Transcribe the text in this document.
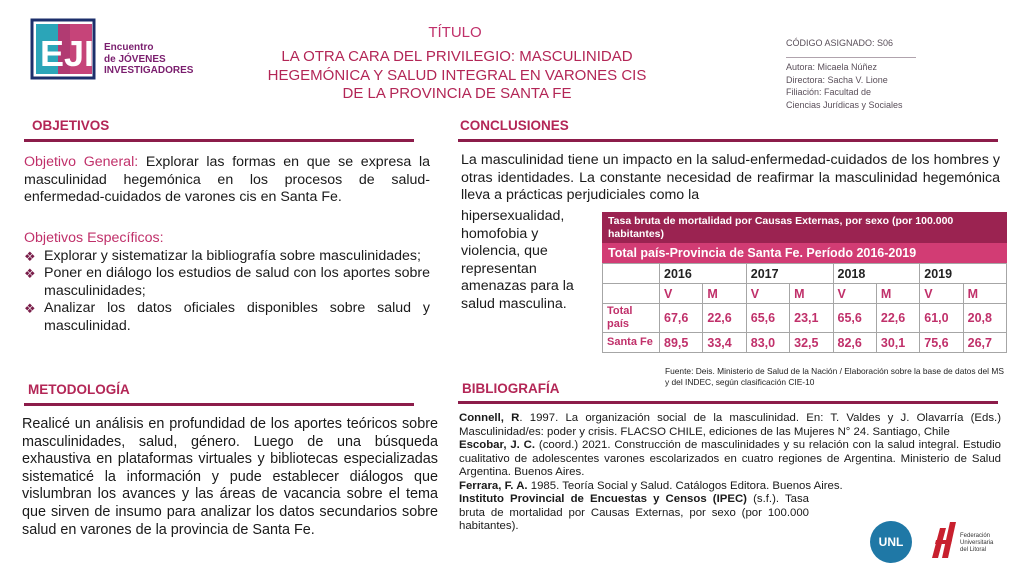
EJI Encuentro
de JÓVENES
INVESTIGADORES
TÍTULO
LA OTRA CARA DEL PRIVILEGIO: MASCULINIDAD
HEGEMÓNICA Y SALUD INTEGRAL EN VARONES CIS
DE LA PROVINCIA DE SANTA FE
CÓDIGO ASIGNADO: S06
Autora: Micaela Núñez
Directora: Sacha V. Lione
Filiación: Facultad de
Ciencias Jurídicas y Sociales
OBJETIVOS
Objetivo General: Explorar las formas en que se expresa la masculinidad hegemónica en los procesos de salud-enfermedad-cuidados de varones cis en Santa Fe.
Objetivos Específicos:
❖ Explorar y sistematizar la bibliografía sobre masculinidades;
❖ Poner en diálogo los estudios de salud con los aportes sobre masculinidades;
❖ Analizar los datos oficiales disponibles sobre salud y masculinidad.
METODOLOGÍA
Realicé un análisis en profundidad de los aportes teóricos sobre masculinidades, salud, género. Luego de una búsqueda exhaustiva en plataformas virtuales y bibliotecas especializadas sistematicé la información y pude establecer diálogos que vislumbran los avances y las áreas de vacancia sobre el tema que sirven de insumo para analizar los datos secundarios sobre salud en varones de la provincia de Santa Fe.
CONCLUSIONES
La masculinidad tiene un impacto en la salud-enfermedad-cuidados de los hombres y otras identidades. La constante necesidad de reafirmar la masculinidad hegemónica lleva a prácticas perjudiciales como la
hipersexualidad, homofobia y violencia, que representan amenazas para la salud masculina.
Tasa bruta de mortalidad por Causas Externas, por sexo (por 100.000 habitantes)
Total país-Provincia de Santa Fe. Período 2016-2019
	2016		2017		2018		2019	
	V	M	V	M	V	M	V	M
Total país	67,6	22,6	65,6	23,1	65,6	22,6	61,0	20,8
Santa Fe	89,5	33,4	83,0	32,5	82,6	30,1	75,6	26,7
Fuente: Deis. Ministerio de Salud de la Nación / Elaboración sobre la base de datos del MS y del INDEC, según clasificación CIE-10
BIBLIOGRAFÍA

Connell, R. 1997. La organización social de la masculinidad. En: T. Valdes y J. Olavarría (Eds.) Masculinidad/es: poder y crisis. FLACSO CHILE, ediciones de las Mujeres N° 24. Santiago, Chile

Escobar, J. C. (coord.) 2021. Construcción de masculinidades y su relación con la salud integral. Estudio cualitativo de adolescentes varones escolarizados en cuatro regiones de Argentina. Ministerio de Salud Argentina. Buenos Aires.

Ferrara, F. A. 1985. Teoría Social y Salud. Catálogos Editora. Buenos Aires.

Instituto Provincial de Encuestas y Censos (IPEC) (s.f.). Tasa bruta de mortalidad por Causas Externas, por sexo (por 100.000 habitantes).

UNL	Federación
Universitaria
del Litoral
